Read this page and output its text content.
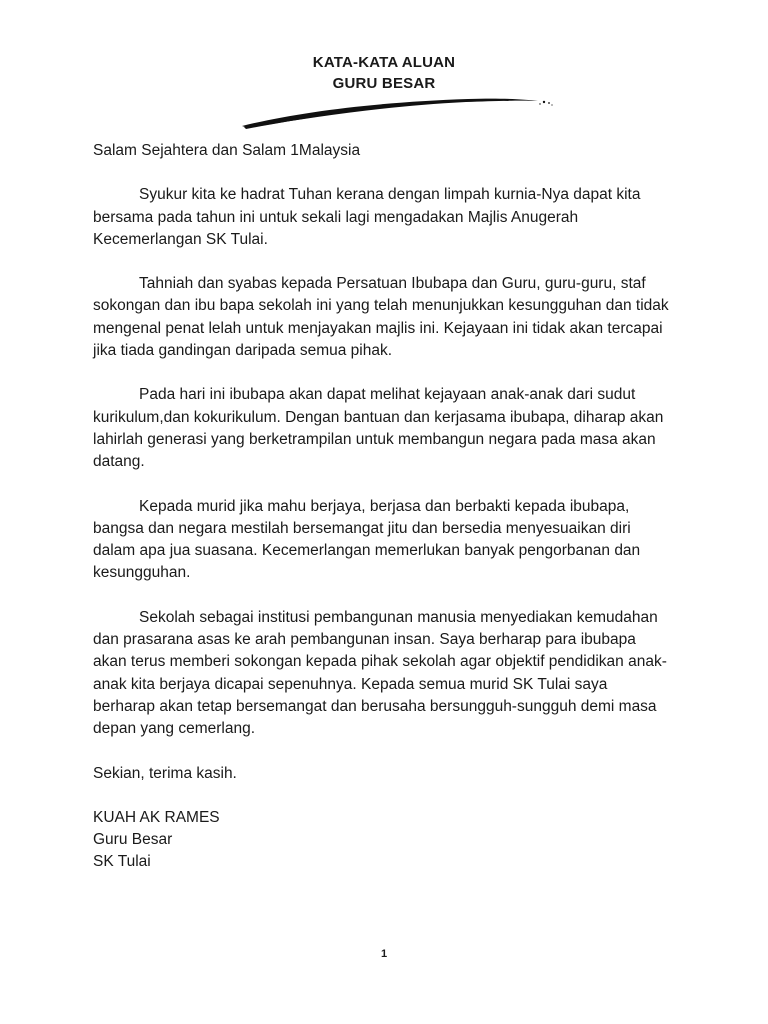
KATA-KATA ALUAN
GURU BESAR

Salam Sejahtera dan Salam 1Malaysia

Syukur kita ke hadrat Tuhan kerana dengan limpah kurnia-Nya dapat kita bersama pada tahun ini untuk sekali lagi mengadakan Majlis Anugerah Kecemerlangan SK Tulai.

Tahniah dan syabas kepada Persatuan Ibubapa dan Guru, guru-guru, staf sokongan dan ibu bapa sekolah ini yang telah menunjukkan kesungguhan dan tidak mengenal penat lelah untuk menjayakan majlis ini. Kejayaan ini tidak akan tercapai jika tiada gandingan daripada semua pihak.

Pada hari ini ibubapa akan dapat melihat kejayaan anak-anak dari sudut kurikulum,dan kokurikulum. Dengan bantuan dan kerjasama ibubapa, diharap akan lahirlah generasi yang berketrampilan untuk membangun negara pada masa akan datang.

Kepada murid jika mahu berjaya, berjasa dan berbakti kepada ibubapa, bangsa dan negara mestilah bersemangat jitu dan bersedia menyesuaikan diri dalam apa jua suasana. Kecemerlangan memerlukan banyak pengorbanan dan kesungguhan.

Sekolah sebagai institusi pembangunan manusia menyediakan kemudahan dan prasarana asas ke arah pembangunan insan. Saya berharap para ibubapa akan terus memberi sokongan kepada pihak sekolah agar objektif pendidikan anak-anak kita berjaya dicapai sepenuhnya. Kepada semua murid SK Tulai saya berharap akan tetap bersemangat dan berusaha bersungguh-sungguh demi masa depan yang cemerlang.

Sekian, terima kasih.

KUAH AK RAMES
Guru Besar
SK Tulai
1
